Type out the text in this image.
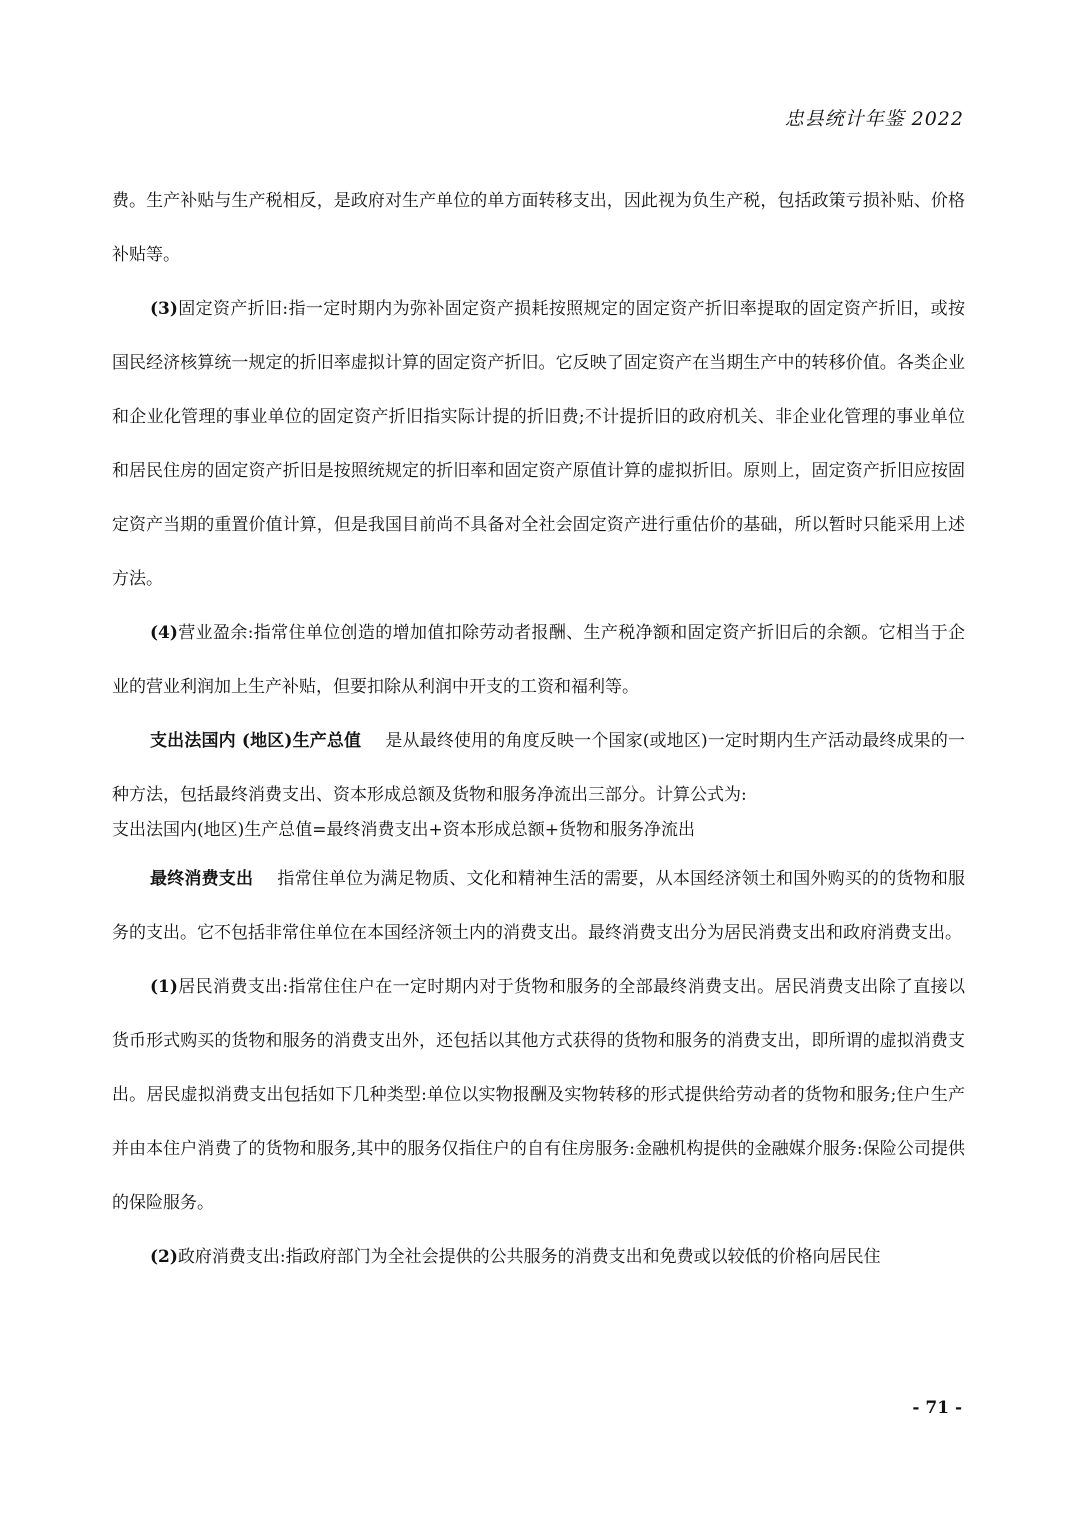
忠县统计年鉴 2022

费。生产补贴与生产税相反，是政府对生产单位的单方面转移支出，因此视为负生产税，包括政策亏损补贴、价格补贴等。

(3)固定资产折旧:指一定时期内为弥补固定资产损耗按照规定的固定资产折旧率提取的固定资产折旧，或按国民经济核算统一规定的折旧率虚拟计算的固定资产折旧。它反映了固定资产在当期生产中的转移价值。各类企业和企业化管理的事业单位的固定资产折旧指实际计提的折旧费;不计提折旧的政府机关、非企业化管理的事业单位和居民住房的固定资产折旧是按照统规定的折旧率和固定资产原值计算的虚拟折旧。原则上，固定资产折旧应按固定资产当期的重置价值计算，但是我国目前尚不具备对全社会固定资产进行重估价的基础，所以暂时只能采用上述方法。

(4)营业盈余:指常住单位创造的增加值扣除劳动者报酬、生产税净额和固定资产折旧后的余额。它相当于企业的营业利润加上生产补贴，但要扣除从利润中开支的工资和福利等。

支出法国内 (地区)生产总值 是从最终使用的角度反映一个国家(或地区)一定时期内生产活动最终成果的一种方法，包括最终消费支出、资本形成总额及货物和服务净流出三部分。计算公式为:

支出法国内(地区)生产总值=最终消费支出+资本形成总额+货物和服务净流出

最终消费支出 指常住单位为满足物质、文化和精神生活的需要，从本国经济领土和国外购买的的货物和服务的支出。它不包括非常住单位在本国经济领土内的消费支出。最终消费支出分为居民消费支出和政府消费支出。

(1)居民消费支出:指常住住户在一定时期内对于货物和服务的全部最终消费支出。居民消费支出除了直接以货币形式购买的货物和服务的消费支出外，还包括以其他方式获得的货物和服务的消费支出，即所谓的虚拟消费支出。居民虚拟消费支出包括如下几种类型:单位以实物报酬及实物转移的形式提供给劳动者的货物和服务;住户生产并由本住户消费了的货物和服务,其中的服务仅指住户的自有住房服务:金融机构提供的金融媒介服务:保险公司提供的保险服务。

(2)政府消费支出:指政府部门为全社会提供的公共服务的消费支出和免费或以较低的价格向居民住

- 71 -
